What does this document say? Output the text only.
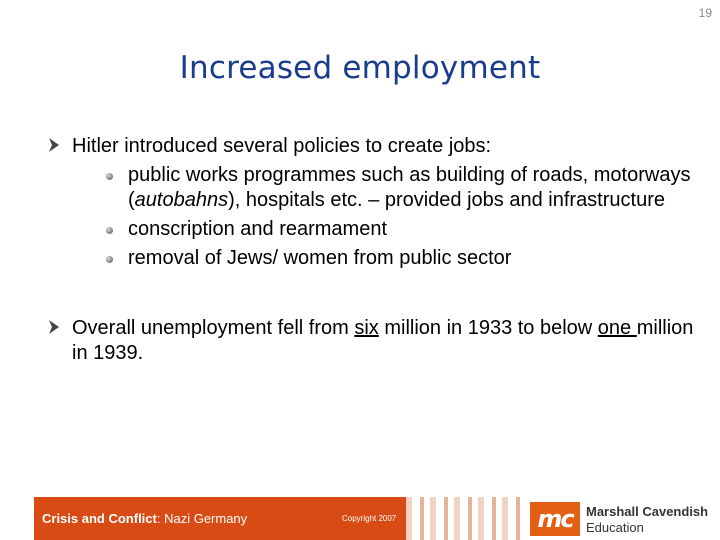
19
Increased employment
Hitler introduced several policies to create jobs:
public works programmes such as building of roads, motorways (autobahns), hospitals etc. – provided jobs and infrastructure
conscription and rearmament
removal of Jews/ women from public sector
Overall unemployment fell from six million in 1933 to below one million in 1939.
Crisis and Conflict: Nazi Germany	Copyright 2007	mc	Marshall Cavendish
Education
